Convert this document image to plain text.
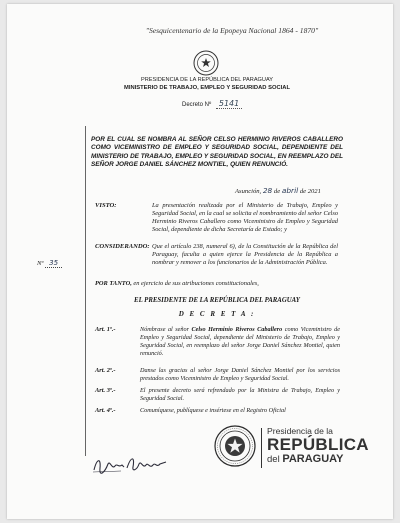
"Sesquicentenario de la Epopeya Nacional 1864 - 1870"
PRESIDENCIA DE LA REPÚBLICA DEL PARAGUAY
MINISTERIO DE TRABAJO, EMPLEO Y SEGURIDAD SOCIAL
Decreto Nº 5141
POR EL CUAL SE NOMBRA AL SEÑOR CELSO HERMINIO RIVEROS CABALLERO COMO VICEMINISTRO DE EMPLEO Y SEGURIDAD SOCIAL, DEPENDIENTE DEL MINISTERIO DE TRABAJO, EMPLEO Y SEGURIDAD SOCIAL, EN REEMPLAZO DEL SEÑOR JORGE DANIEL SÁNCHEZ MONTIEL, QUIEN RENUNCIÓ.
Asunción, 28 de abril de 2021
VISTO:	La presentación realizada por el Ministerio de Trabajo, Empleo y Seguridad Social, en la cual se solicita el nombramiento del señor Celso Herminio Riveros Caballero como Viceministro de Empleo y Seguridad Social, dependiente de dicha Secretaría de Estado; y
CONSIDERANDO: Que el artículo 238, numeral 6), de la Constitución de la República del Paraguay, faculta a quien ejerce la Presidencia de la República a nombrar y remover a los funcionarios de la Administración Pública.
Nº 35
POR TANTO, en ejercicio de sus atribuciones constitucionales,
EL PRESIDENTE DE LA REPÚBLICA DEL PARAGUAY
D E C R E T A :
Art. 1º.-	Nómbrase al señor Celso Herminio Riveros Caballero como Viceministro de Empleo y Seguridad Social, dependiente del Ministerio de Trabajo, Empleo y Seguridad Social, en reemplazo del señor Jorge Daniel Sánchez Montiel, quien renunció.
Art. 2º.-	Danse las gracias al señor Jorge Daniel Sánchez Montiel por los servicios prestados como Viceministro de Empleo y Seguridad Social.
Art. 3º.-	El presente decreto será refrendado por la Ministra de Trabajo, Empleo y Seguridad Social.
Art. 4º.-	Comuníquese, publíquese e insértese en el Registro Oficial
Presidencia de la
REPÚBLICA
del PARAGUAY
